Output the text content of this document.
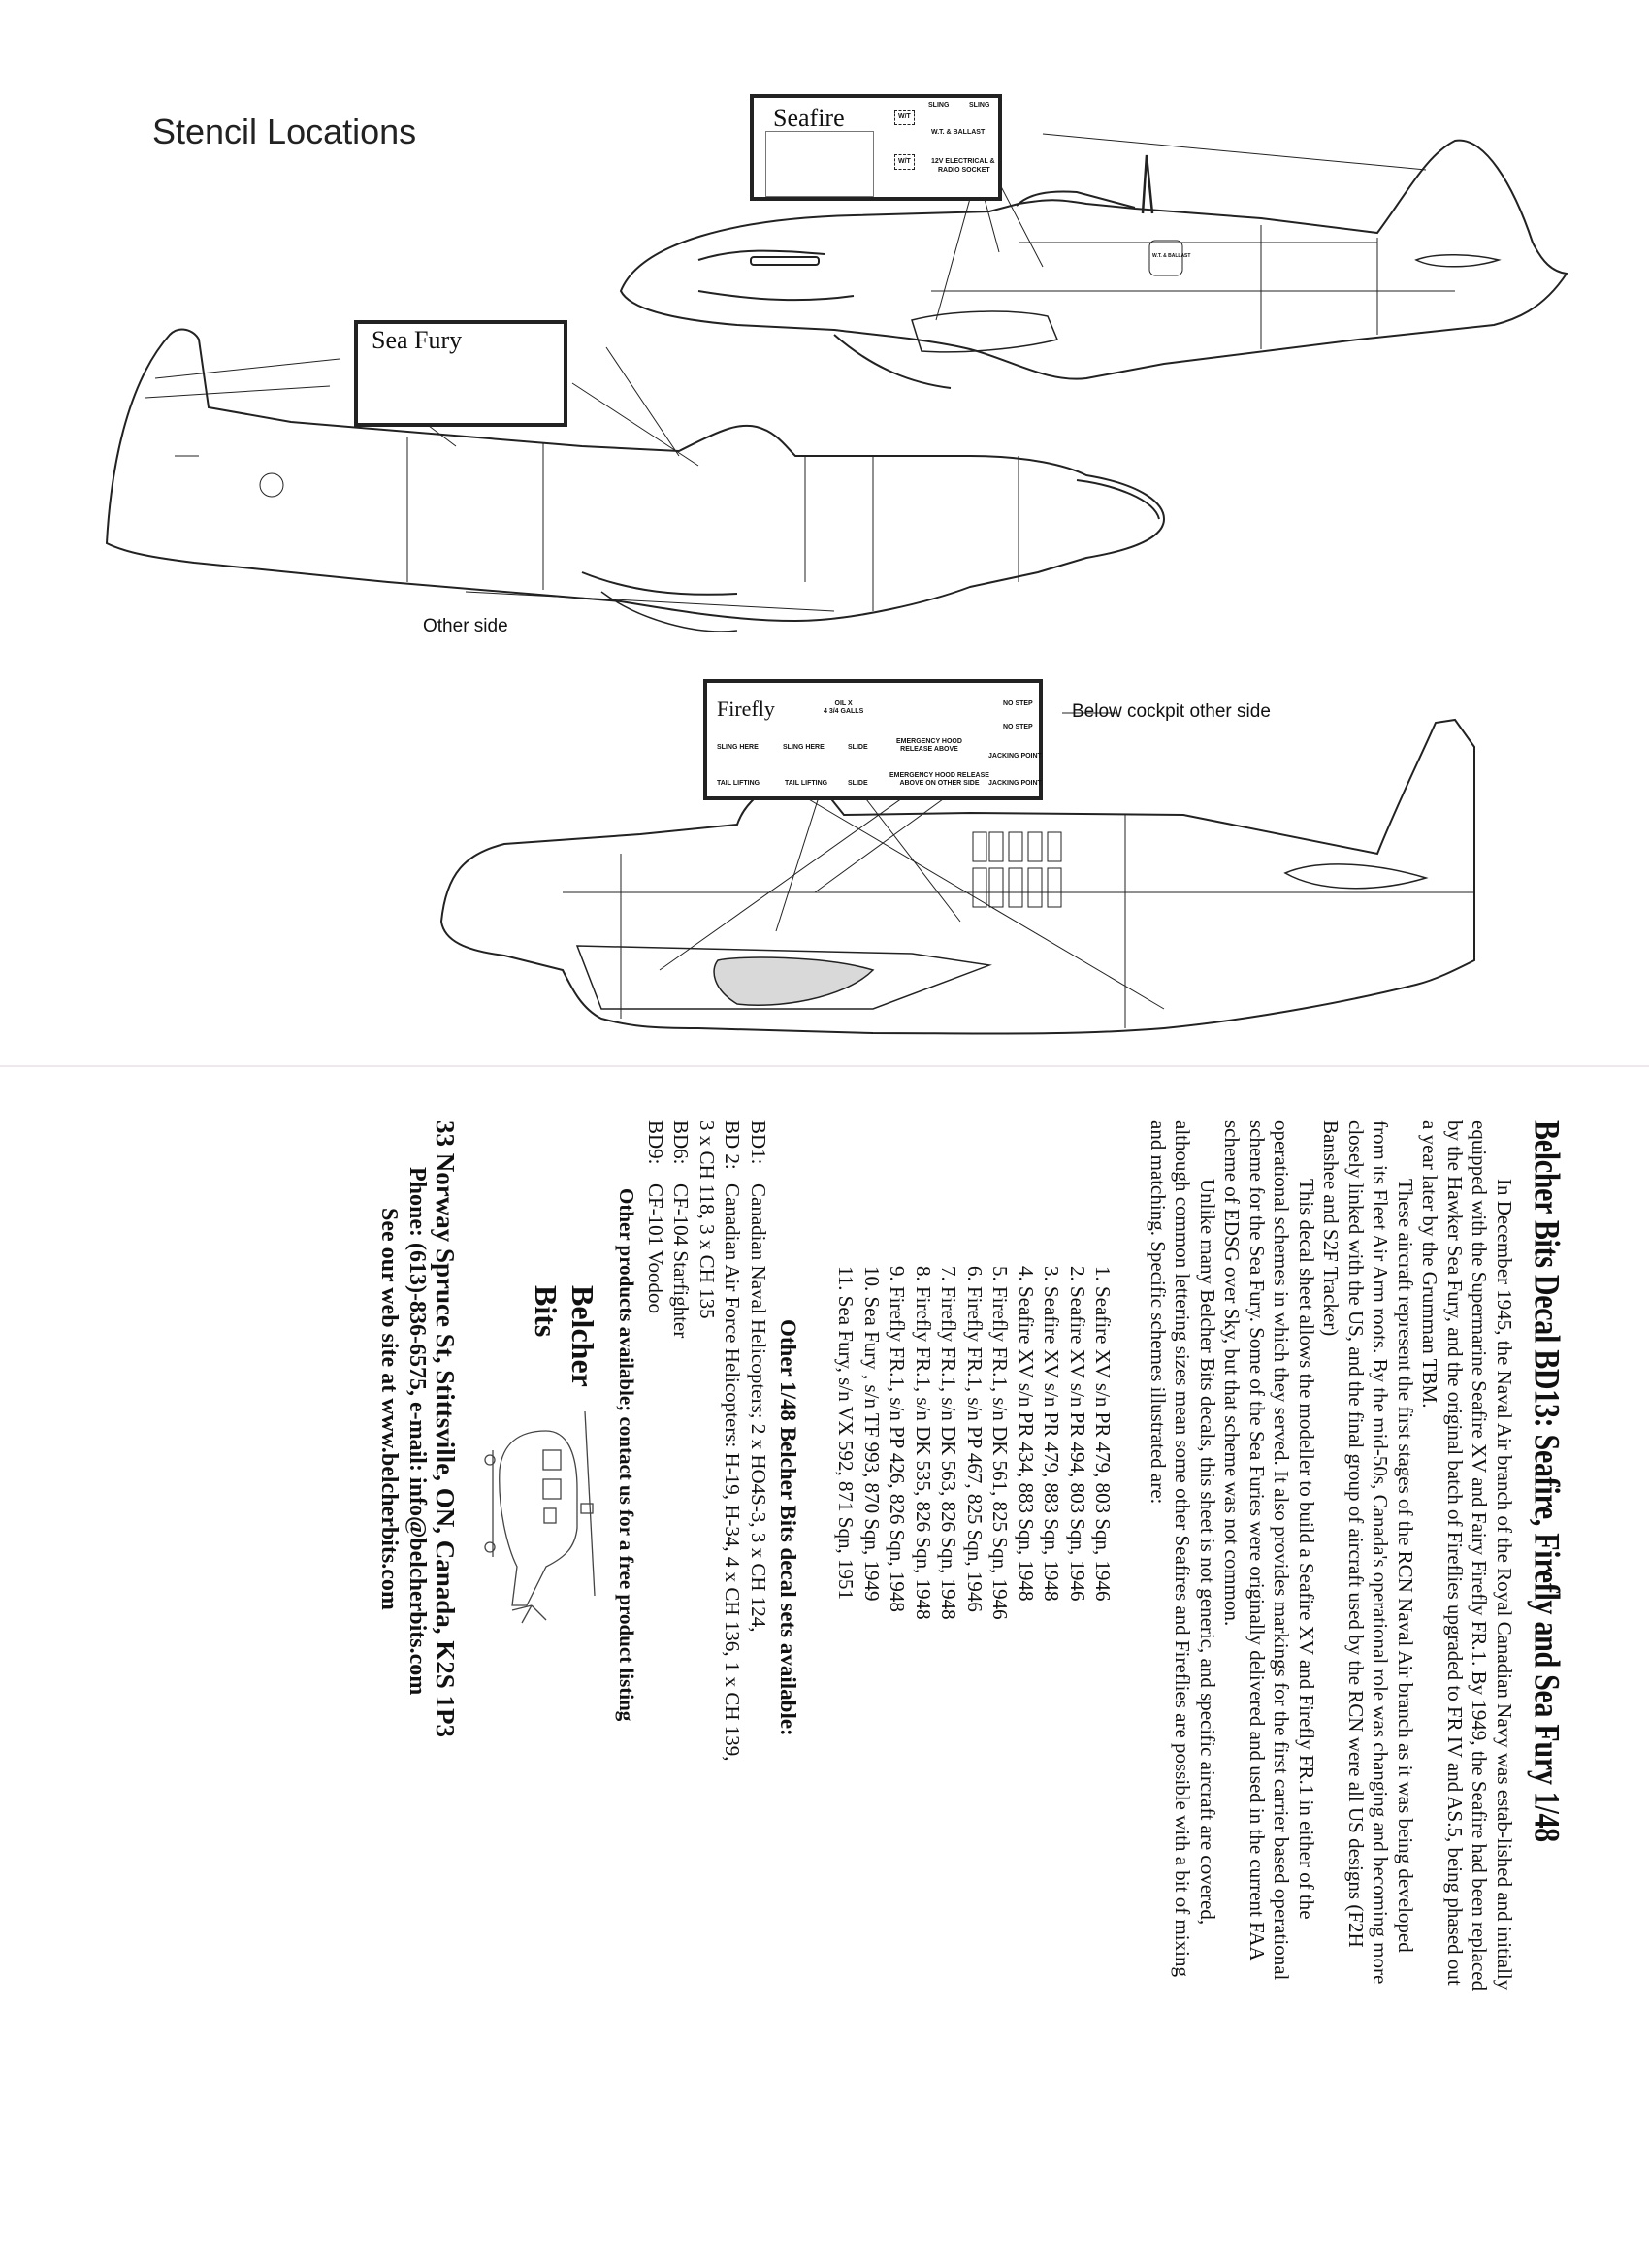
Stencil Locations	Seafire	W/T
W/T
SLING	SLING
W.T. & BALLAST
12V ELECTRICAL &
RADIO SOCKET
W.T. & BALLAST
Sea Fury
Other side
Firefly	OIL X
4 3/4 GALLS
NO STEP
NO STEP
SLING HERE	SLING HERE	SLIDE
EMERGENCY HOOD
RELEASE ABOVE
JACKING POINT
TAIL LIFTING	TAIL LIFTING	SLIDE
EMERGENCY HOOD RELEASE
ABOVE ON OTHER SIDE	JACKING POINT
Below cockpit other side
Belcher Bits Decal BD13: Seafire, Firefly and Sea Fury 1/48

In December 1945, the Naval Air branch of the Royal Canadian Navy was estab-lished and initially equipped with the Supermarine Seafire XV and Fairy Firefly FR.1. By 1949, the Seafire had been replaced by the Hawker Sea Fury, and the original batch of Fireflies upgraded to FR IV and AS.5, being phased out a year later by the Grumman TBM.

These aircraft represent the first stages of the RCN Naval Air branch as it was being developed from its Fleet Air Arm roots. By the mid-50s, Canada's operational role was changing and becoming more closely linked with the US, and the final group of aircraft used by the RCN were all US designs (F2H Banshee and S2F Tracker)

This decal sheet allows the modeller to build a Seafire XV and Firefly FR.1 in either of the operational schemes in which they served. It also provides markings for the first carrier based operational scheme for the Sea Fury. Some of the Sea Furies were originally delivered and used in the current FAA scheme of EDSG over Sky, but that scheme was not common.

Unlike many Belcher Bits decals, this sheet is not generic, and specific aircraft are covered, although common lettering sizes mean some other Seafires and Fireflies are possible with a bit of mixing and matching. Specific schemes illustrated are:

1. Seafire XV s/n PR 479, 803 Sqn, 1946
2. Seafire XV s/n PR 494, 803 Sqn, 1946
3. Seafire XV s/n PR 479, 883 Sqn, 1948
4. Seafire XV s/n PR 434, 883 Sqn, 1948
5. Firefly FR.1, s/n DK 561, 825 Sqn, 1946
6. Firefly FR.1, s/n PP 467, 825 Sqn, 1946
7. Firefly FR.1, s/n DK 563, 826 Sqn, 1948
8. Firefly FR.1, s/n DK 535, 826 Sqn, 1948
9. Firefly FR.1, s/n PP 426, 826 Sqn, 1948
10. Sea Fury , s/n TF 993, 870 Sqn, 1949
11. Sea Fury, s/n VX 592, 871 Sqn, 1951
Other 1/48 Belcher Bits decal sets available:
BD1:
Canadian Naval Helicopters; 2 x HO4S-3, 3 x CH 124,
BD 2:
Canadian Air Force Helicopters: H-19, H-34, 4 x CH 136, 1 x CH 139,
3 x CH 118, 3 x CH 135
BD6:
CF-104 Starfighter
BD9:
CF-101 Voodoo
Other products available; contact us for a free product listing
Belcher
Bits
33 Norway Spruce St, Stittsville, ON, Canada, K2S 1P3
Phone: (613)-836-6575, e-mail: info@belcherbits.com
See our web site at www.belcherbits.com
